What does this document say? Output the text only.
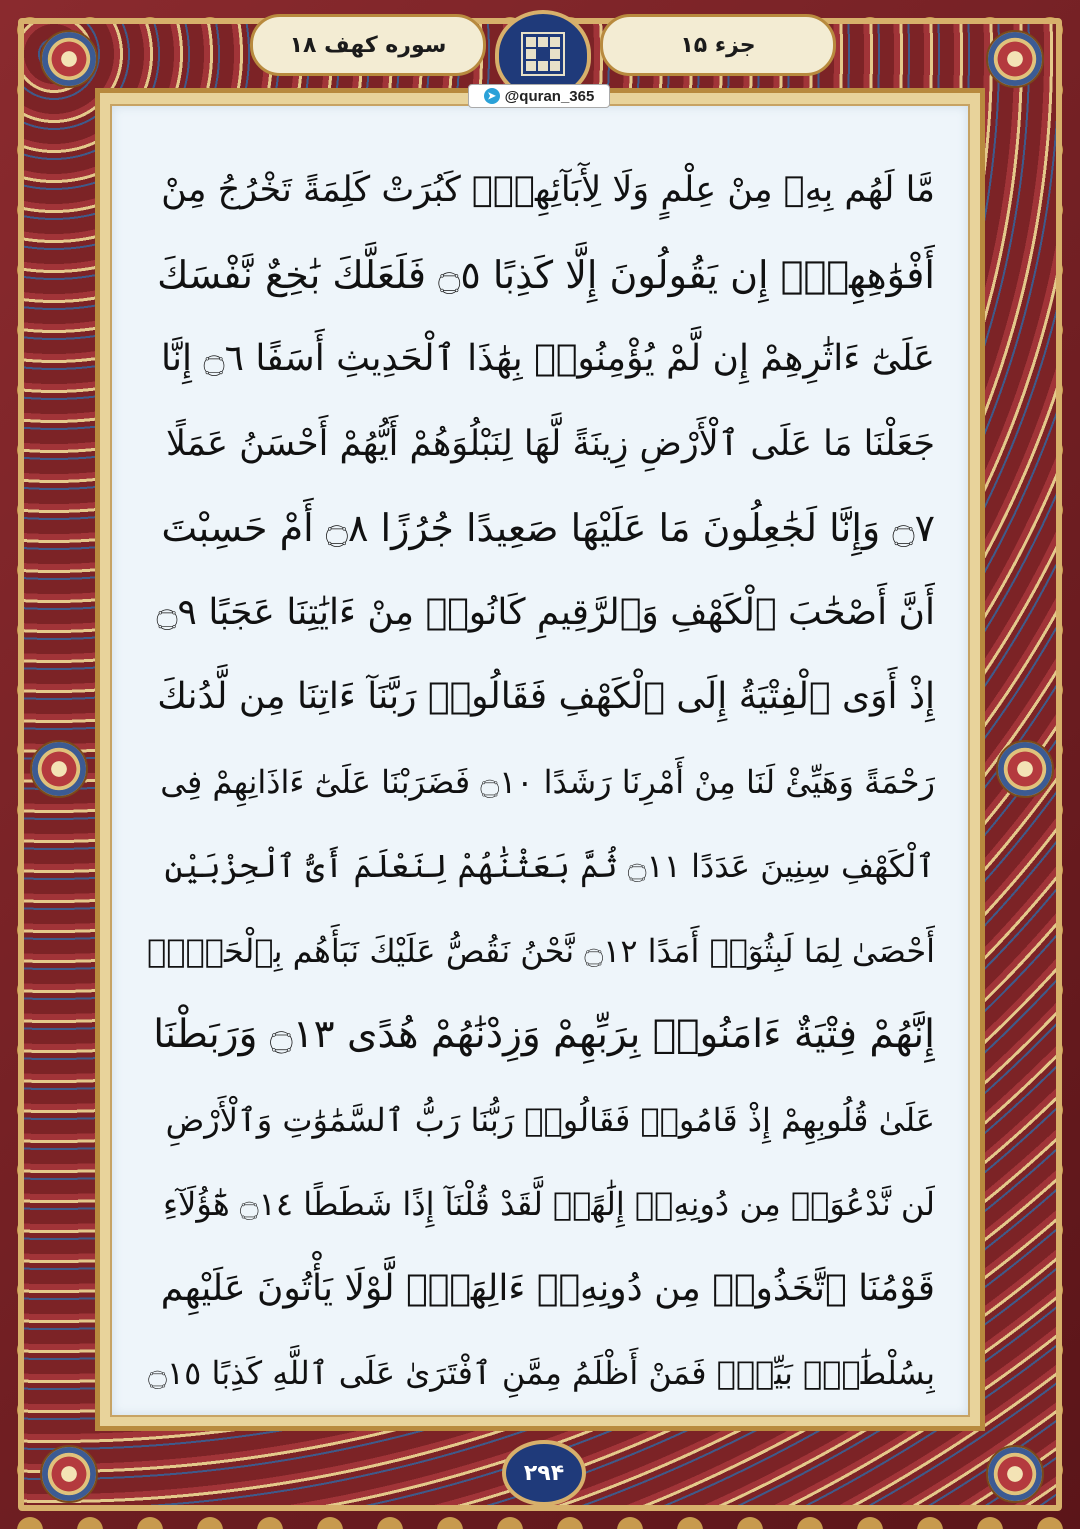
سوره کهف ۱۸	جزء ۱۵
➤ @quran_365
مَّا لَهُم بِهِۦ مِنْ عِلْمٍ وَلَا لِأٓبَآئِهِمْۚ كَبُرَتْ كَلِمَةً تَخْرُجُ مِنْ
أَفْوَٰهِهِمْۚ إِن يَقُولُونَ إِلَّا كَذِبًا ۝٥ فَلَعَلَّكَ بَٰخِعٌ نَّفْسَكَ
عَلَىٰٓ ءَاثَٰرِهِمْ إِن لَّمْ يُؤْمِنُوا۟ بِهَٰذَا ٱلْحَدِيثِ أَسَفًا ۝٦ إِنَّا
جَعَلْنَا مَا عَلَى ٱلْأَرْضِ زِينَةً لَّهَا لِنَبْلُوَهُمْ أَيُّهُمْ أَحْسَنُ عَمَلًا
۝٧ وَإِنَّا لَجَٰعِلُونَ مَا عَلَيْهَا صَعِيدًا جُرُزًا ۝٨ أَمْ حَسِبْتَ
أَنَّ أَصْحَٰبَ ٱلْكَهْفِ وَٱلرَّقِيمِ كَانُوا۟ مِنْ ءَايَٰتِنَا عَجَبًا ۝٩
إِذْ أَوَى ٱلْفِتْيَةُ إِلَى ٱلْكَهْفِ فَقَالُوا۟ رَبَّنَآ ءَاتِنَا مِن لَّدُنكَ
رَحْمَةً وَهَيِّئْ لَنَا مِنْ أَمْرِنَا رَشَدًا ۝١٠ فَضَرَبْنَا عَلَىٰٓ ءَاذَانِهِمْ فِى
ٱلْكَهْفِ سِنِينَ عَدَدًا ۝١١ ثُمَّ بَعَثْنَٰهُمْ لِنَعْلَمَ أَىُّ ٱلْحِزْبَيْنِ
أَحْصَىٰ لِمَا لَبِثُوٓا۟ أَمَدًا ۝١٢ نَّحْنُ نَقُصُّ عَلَيْكَ نَبَأَهُم بِٱلْحَقِّۚ
إِنَّهُمْ فِتْيَةٌ ءَامَنُوا۟ بِرَبِّهِمْ وَزِدْنَٰهُمْ هُدًى ۝١٣ وَرَبَطْنَا
عَلَىٰ قُلُوبِهِمْ إِذْ قَامُوا۟ فَقَالُوا۟ رَبُّنَا رَبُّ ٱلسَّمَٰوَٰتِ وَٱلْأَرْضِ
لَن نَّدْعُوَا۟ مِن دُونِهِۦٓ إِلَٰهًاۖ لَّقَدْ قُلْنَآ إِذًا شَطَطًا ۝١٤ هَٰٓؤُلَآءِ
قَوْمُنَا ٱتَّخَذُوا۟ مِن دُونِهِۦٓ ءَالِهَةًۖ لَّوْلَا يَأْتُونَ عَلَيْهِم
بِسُلْطَٰنٍۭ بَيِّنٍۖ فَمَنْ أَظْلَمُ مِمَّنِ ٱفْتَرَىٰ عَلَى ٱللَّهِ كَذِبًا ۝١٥
۲۹۴
